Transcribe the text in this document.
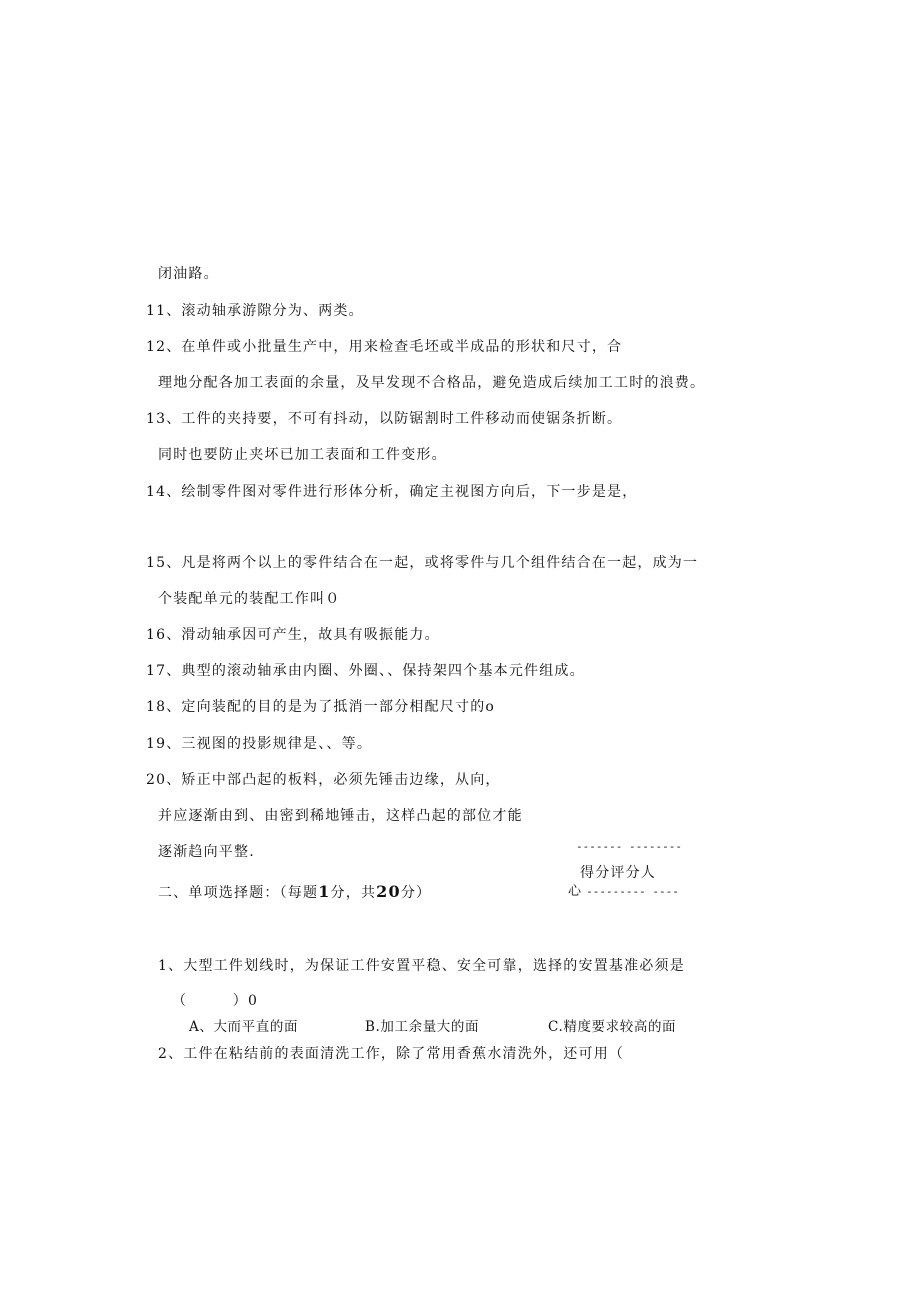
闭油路。
11、滚动轴承游隙分为、两类。
12、在单件或小批量生产中，用来检查毛坯或半成品的形状和尺寸，合
理地分配各加工表面的余量，及早发现不合格品，避免造成后续加工工时的浪费。
13、工件的夹持要，不可有抖动，以防锯割时工件移动而使锯条折断。
同时也要防止夹坏已加工表面和工件变形。
14、绘制零件图对零件进行形体分析，确定主视图方向后，下一步是是，
15、凡是将两个以上的零件结合在一起，或将零件与几个组件结合在一起，成为一
个装配单元的装配工作叫０
16、滑动轴承因可产生，故具有吸振能力。
17、典型的滚动轴承由内圈、外圈、、保持架四个基本元件组成。
18、定向装配的目的是为了抵消一部分相配尺寸的o
19、三视图的投影规律是、、等。
20、矫正中部凸起的板料，必须先锤击边缘，从向，
并应逐渐由到、由密到稀地锤击，这样凸起的部位才能
逐渐趋向平整.
二、单项选择题：（每题1分，共20分）
------- --------
得分评分人
心 --------- ----
1、大型工件划线时，为保证工件安置平稳、安全可靠，选择的安置基准必须是
（　　　）0
A、大而平直的面	B.加工余量大的面	C.精度要求较高的面
2、工件在粘结前的表面清洗工作，除了常用香蕉水清洗外，还可用（
